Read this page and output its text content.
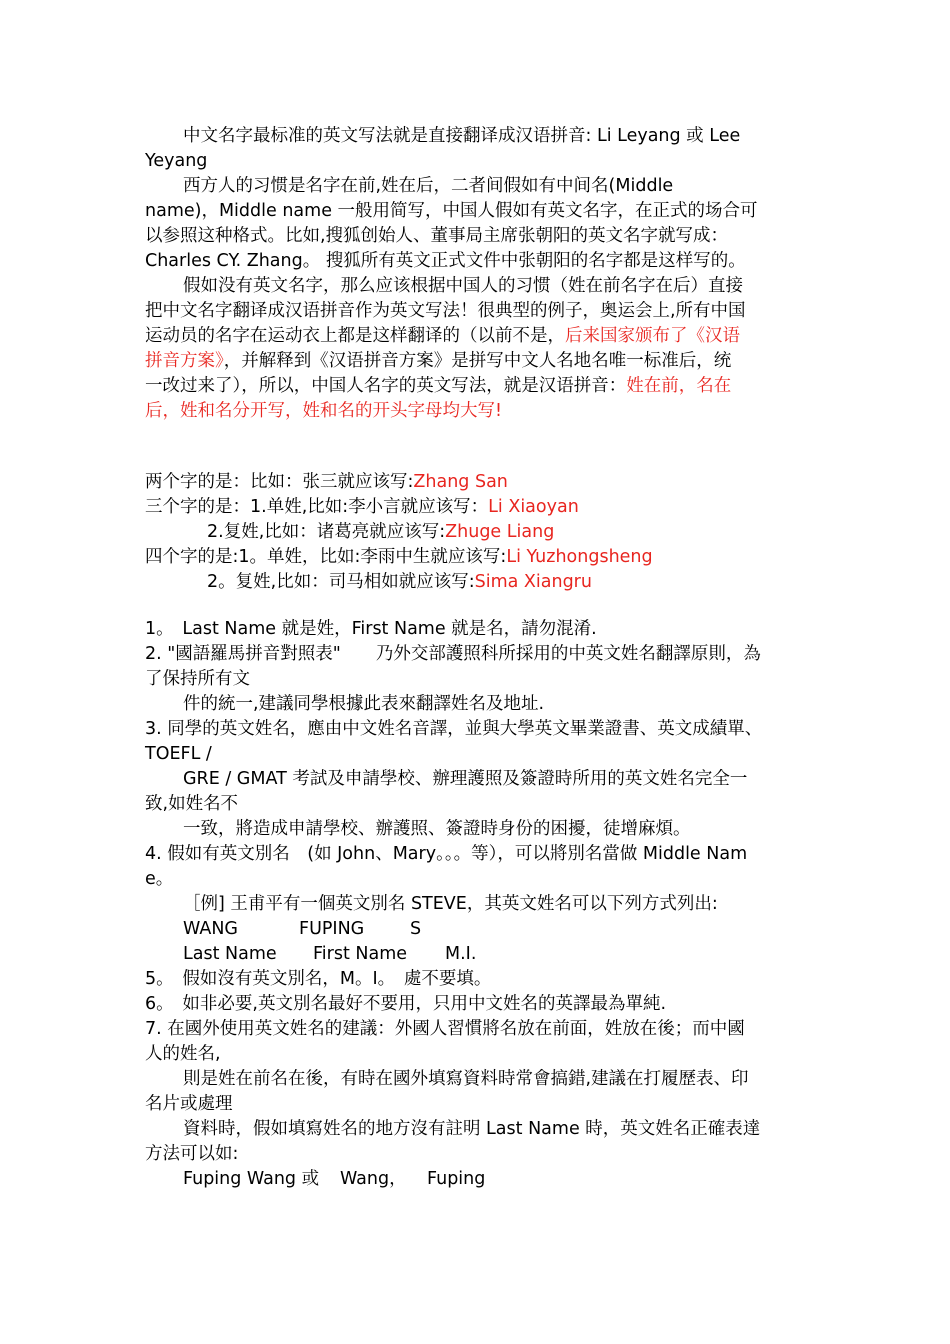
中文名字最标准的英文写法就是直接翻译成汉语拼音: Li Leyang 或 Lee
Yeyang
西方人的习惯是名字在前,姓在后，二者间假如有中间名(Middle
name)，Middle name 一般用简写，中国人假如有英文名字，在正式的场合可
以参照这种格式。比如,搜狐创始人、董事局主席张朝阳的英文名字就写成：
Charles CY. Zhang。 搜狐所有英文正式文件中张朝阳的名字都是这样写的。
假如没有英文名字，那么应该根据中国人的习惯（姓在前名字在后）直接
把中文名字翻译成汉语拼音作为英文写法！很典型的例子，奥运会上,所有中国
运动员的名字在运动衣上都是这样翻译的（以前不是，后来国家颁布了《汉语
拼音方案》，并解释到《汉语拼音方案》是拼写中文人名地名唯一标准后，统
一改过来了），所以，中国人名字的英文写法，就是汉语拼音：姓在前，名在
后，姓和名分开写，姓和名的开头字母均大写!
两个字的是：比如：张三就应该写:Zhang San
三个字的是：1.单姓,比如:李小言就应该写：Li Xiaoyan
2.复姓,比如：诸葛亮就应该写:Zhuge Liang
四个字的是:1。单姓，比如:李雨中生就应该写:Li Yuzhongsheng
2。复姓,比如：司马相如就应该写:Sima Xiangru
1。　Last Name 就是姓，First Name 就是名，請勿混淆.
2. "國語羅馬拼音對照表"　　乃外交部護照科所採用的中英文姓名翻譯原則，為
了保持所有文
件的統一,建議同學根據此表來翻譯姓名及地址.
3. 同學的英文姓名，應由中文姓名音譯，並與大學英文畢業證書、英文成績單、
TOEFL /
GRE / GMAT 考試及申請學校、辦理護照及簽證時所用的英文姓名完全一
致,如姓名不
一致，將造成申請學校、辦護照、簽證時身份的困擾，徒增麻煩。
4. 假如有英文別名　(如 John、Mary。。。等），可以將別名當做 Middle Nam
e。
［例] 王甫平有一個英文別名 STEVE，其英文姓名可以下列方式列出:
WANG	FUPING	S
Last Name First Name M.I.
5。　假如沒有英文別名，M。I。　處不要填。
6。　如非必要,英文別名最好不要用，只用中文姓名的英譯最為單純.
7. 在國外使用英文姓名的建議：外國人習慣將名放在前面，姓放在後；而中國
人的姓名,
則是姓在前名在後，有時在國外填寫資料時常會搞錯,建議在打履歷表、印
名片或處理
資料時，假如填寫姓名的地方沒有註明 Last Name 時，英文姓名正確表達
方法可以如:
Fuping Wang 或 Wang， Fuping
